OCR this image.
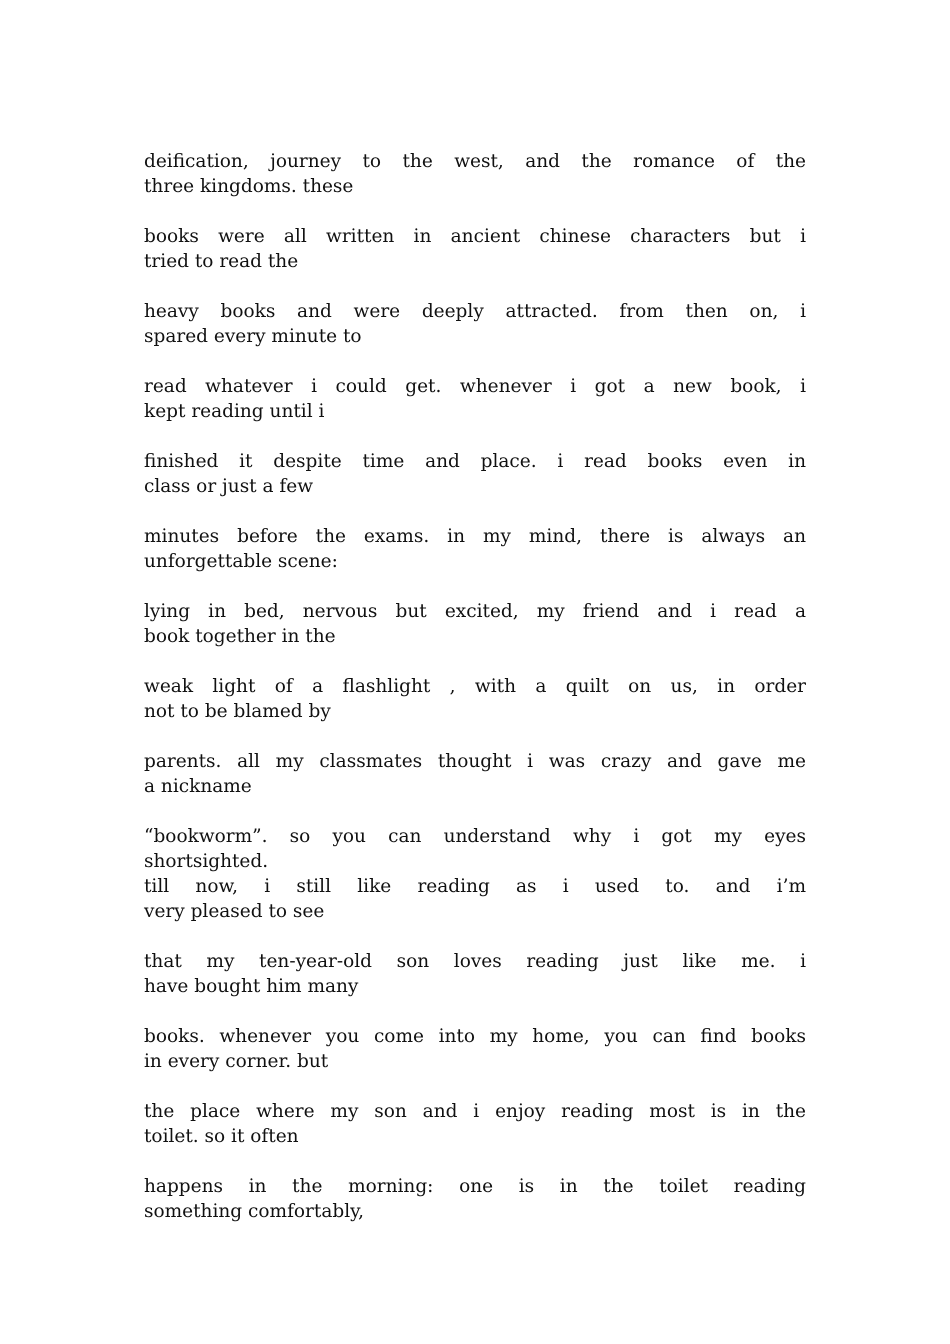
deification, journey to the west, and the romance of the
three kingdoms. these
books were all written in ancient chinese characters but i
tried to read the
heavy books and were deeply attracted. from then on, i
spared every minute to
read whatever i could get. whenever i got a new book, i
kept reading until i
finished it despite time and place. i read books even in
class or just a few
minutes before the exams. in my mind, there is always an
unforgettable scene:
lying in bed, nervous but excited, my friend and i read a
book together in the
weak light of a flashlight , with a quilt on us, in order
not to be blamed by
parents. all my classmates thought i was crazy and gave me
a nickname
“bookworm”. so you can understand why i got my eyes
shortsighted.
till now, i still like reading as i used to. and i’m
very pleased to see
that my ten-year-old son loves reading just like me. i
have bought him many
books. whenever you come into my home, you can find books
in every corner. but
the place where my son and i enjoy reading most is in the
toilet. so it often
happens in the morning: one is in the toilet reading
something comfortably,
